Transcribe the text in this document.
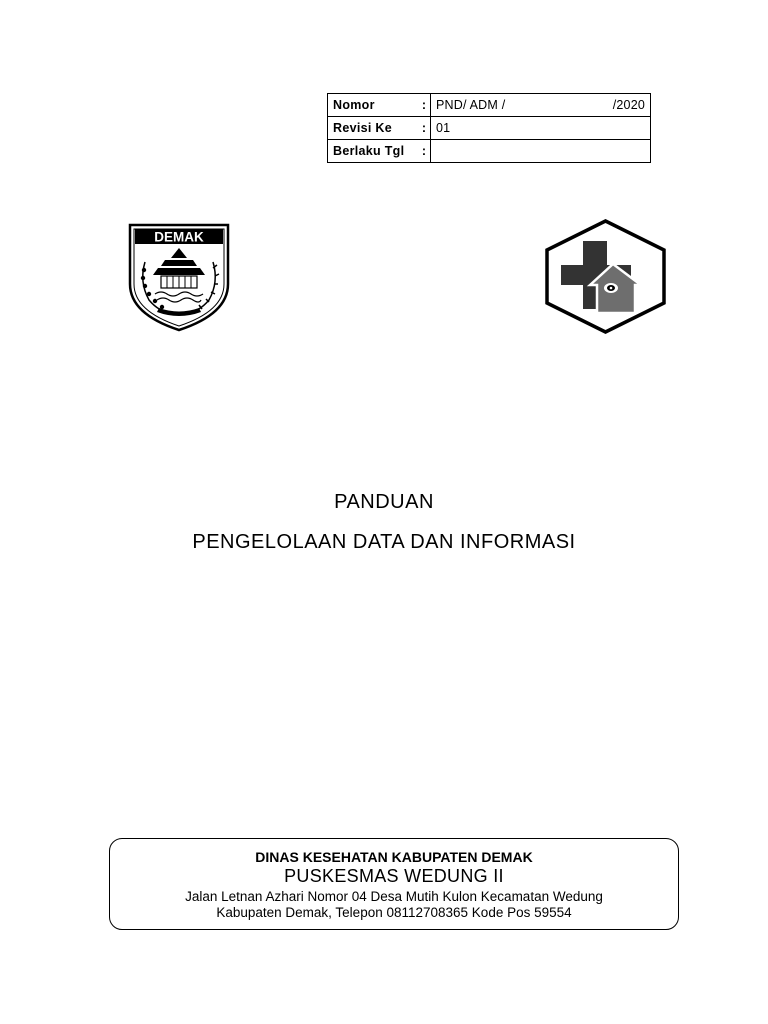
Nomor	:	PND/ ADM / /2020

Revisi Ke	:	01
Berlaku Tgl	:	
DEMAK
PANDUAN
PENGELOLAAN DATA DAN INFORMASI
DINAS KESEHATAN KABUPATEN DEMAK
PUSKESMAS WEDUNG II
Jalan Letnan Azhari Nomor 04 Desa Mutih Kulon Kecamatan Wedung
Kabupaten Demak, Telepon 08112708365 Kode Pos 59554
